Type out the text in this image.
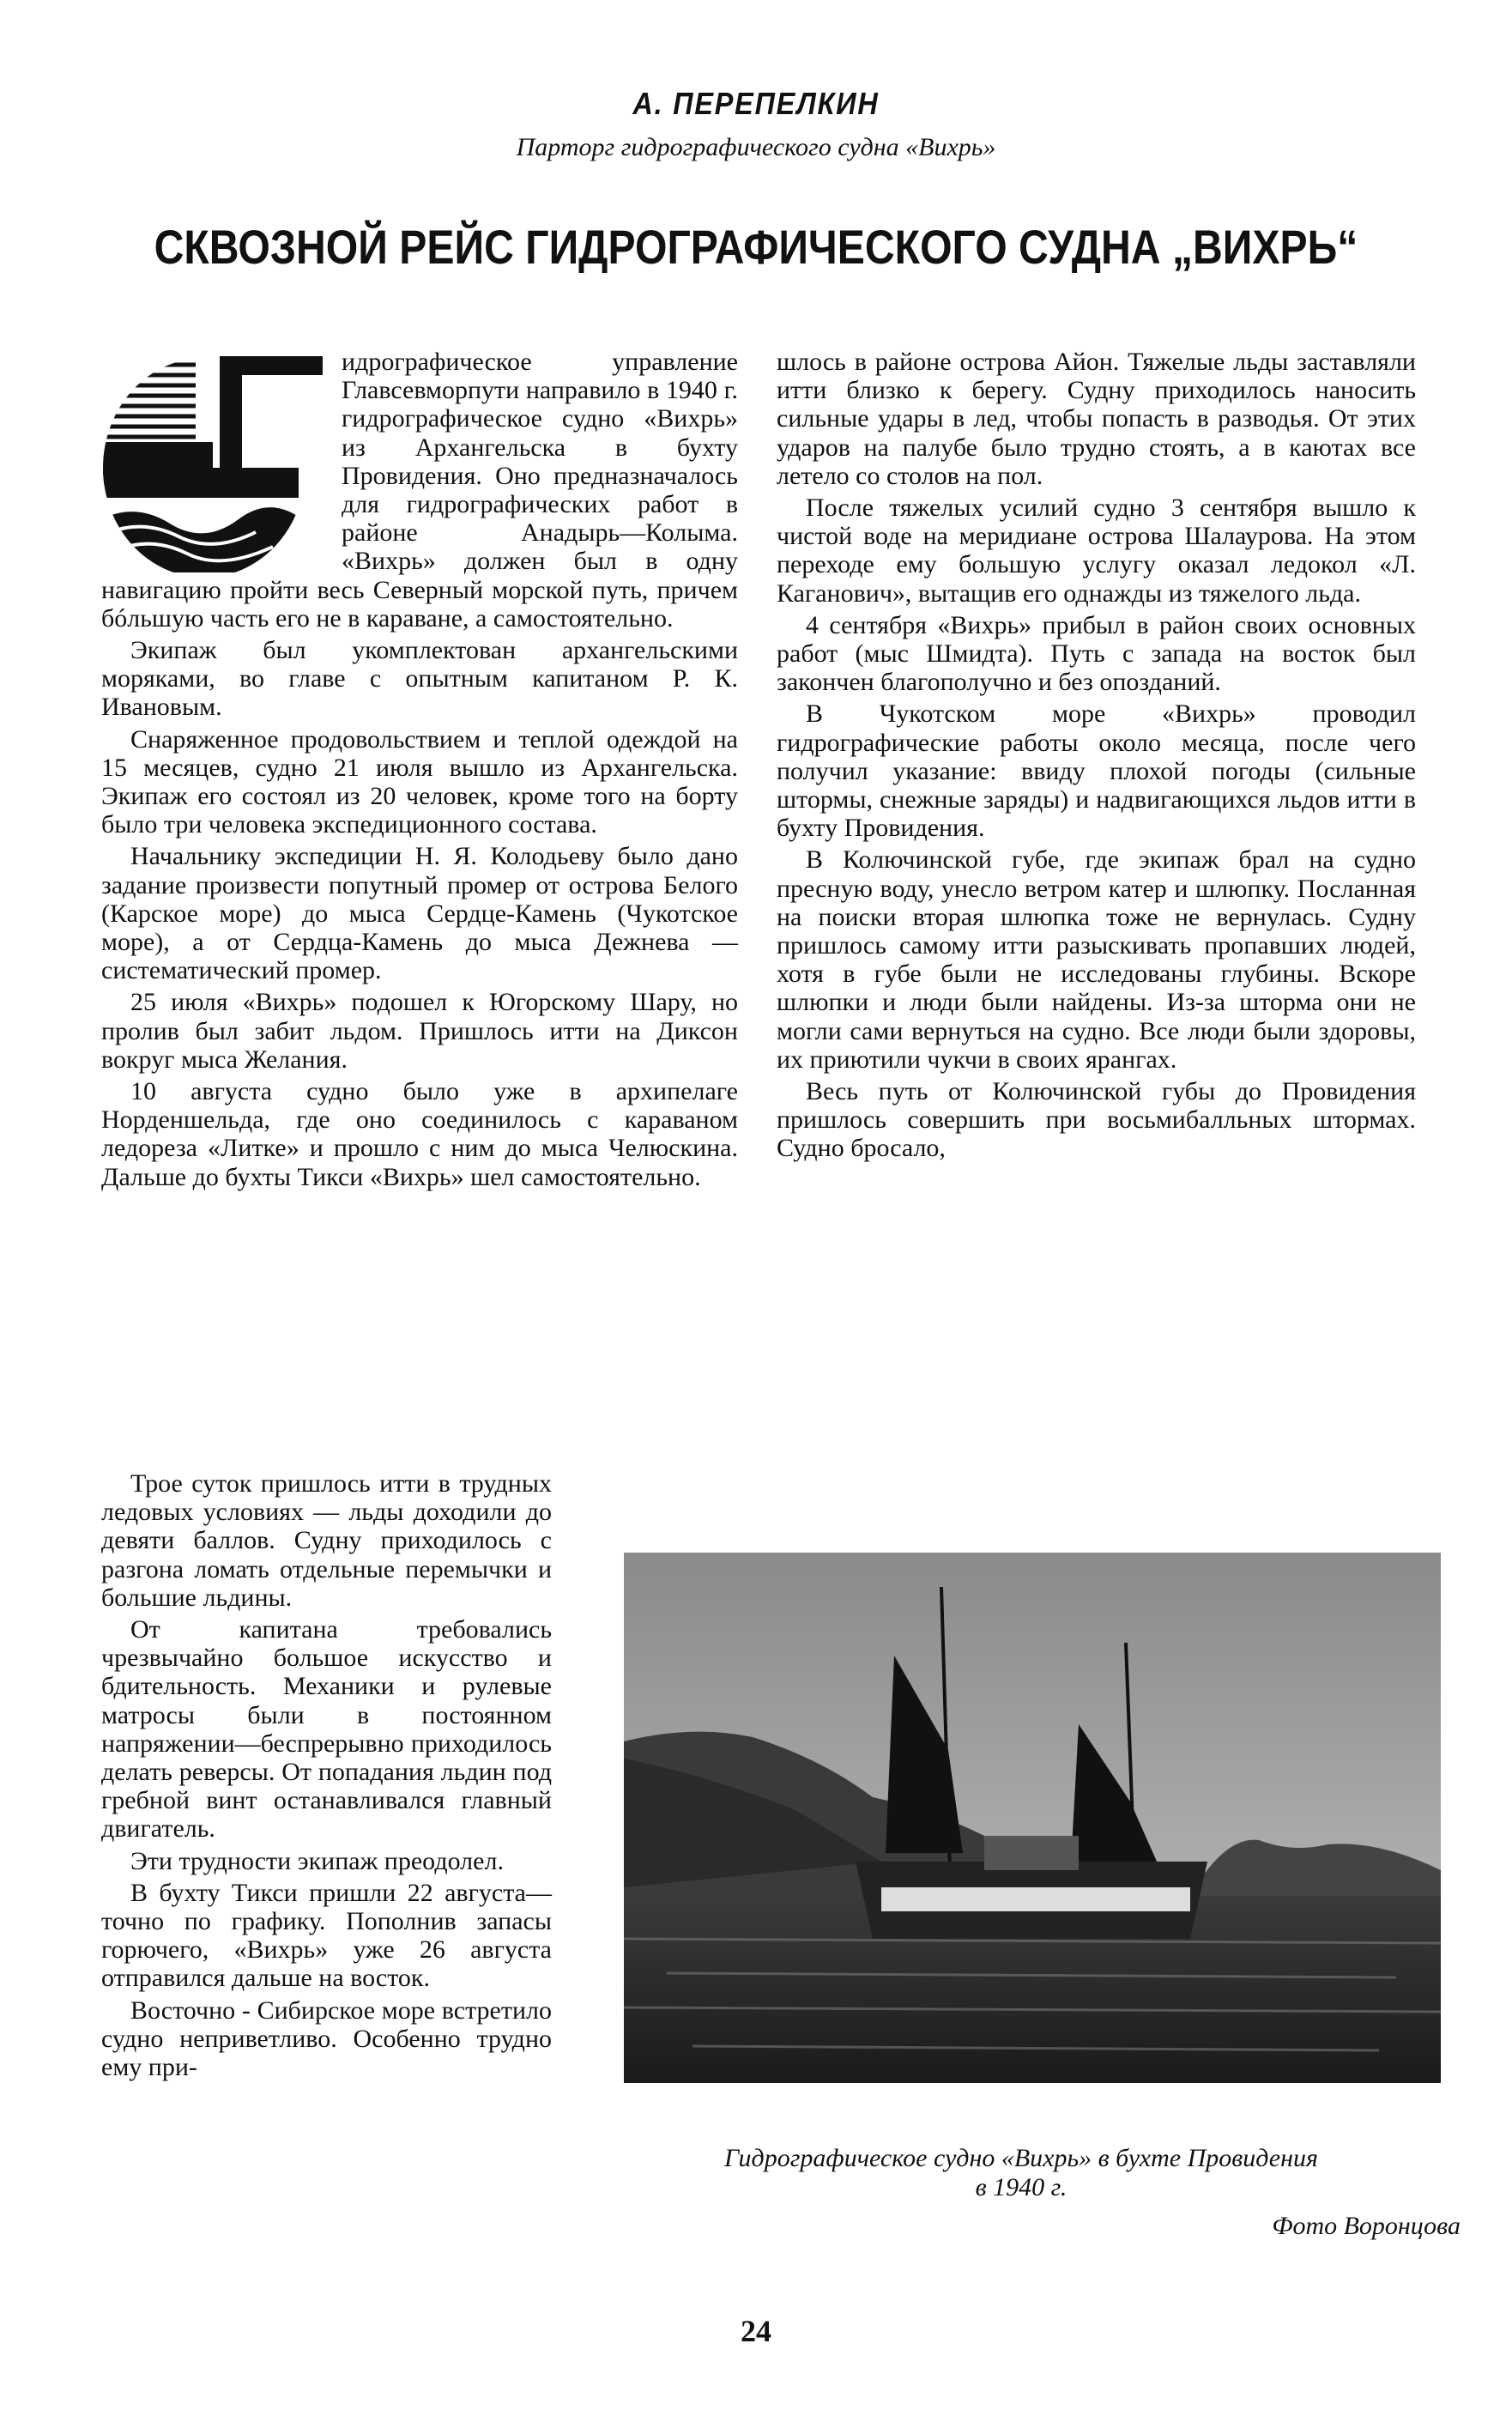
А. ПЕРЕПЕЛКИН
Парторг гидрографического судна «Вихрь»
СКВОЗНОЙ РЕЙС ГИДРОГРАФИЧЕСКОГО СУДНА „ВИХРЬ“

идрографическое управление Главсевморпути направило в 1940 г. гидрографическое судно «Вихрь» из Архангельска в бухту Провидения. Оно предназначалось для гидрографических работ в районе Анадырь—Колыма. «Вихрь» должен был в одну навигацию пройти весь Северный морской путь, причем бóльшую часть его не в караване, а самостоятельно.

Экипаж был укомплектован архангельскими моряками, во главе с опытным капитаном Р. К. Ивановым.

Снаряженное продовольствием и теплой одеждой на 15 месяцев, судно 21 июля вышло из Архангельска. Экипаж его состоял из 20 человек, кроме того на борту было три человека экспедиционного состава.

Начальнику экспедиции Н. Я. Колодьеву было дано задание произвести попутный промер от острова Белого (Карское море) до мыса Сердце-Камень (Чукотское море), а от Сердца-Камень до мыса Дежнева — систематический промер.

25 июля «Вихрь» подошел к Югорскому Шару, но пролив был забит льдом. Пришлось итти на Диксон вокруг мыса Желания.

10 августа судно было уже в архипелаге Норденшельда, где оно соединилось с караваном ледореза «Литке» и прошло с ним до мыса Челюскина. Дальше до бухты Тикси «Вихрь» шел самостоятельно.

Трое суток пришлось итти в трудных ледовых условиях — льды доходили до девяти баллов. Судну приходилось с разгона ломать отдельные перемычки и большие льдины.

От капитана требовались чрезвычайно большое искусство и бдительность. Механики и рулевые матросы были в постоянном напряжении—беспрерывно приходилось делать реверсы. От попадания льдин под гребной винт останавливался главный двигатель.

Эти трудности экипаж преодолел.

В бухту Тикси пришли 22 августа—точно по графику. Пополнив запасы горючего, «Вихрь» уже 26 августа отправился дальше на восток.

Восточно - Сибирское море встретило судно неприветливо. Особенно трудно ему при-

шлось в районе острова Айон. Тяжелые льды заставляли итти близко к берегу. Судну приходилось наносить сильные удары в лед, чтобы попасть в разводья. От этих ударов на палубе было трудно стоять, а в каютах все летело со столов на пол.

После тяжелых усилий судно 3 сентября вышло к чистой воде на меридиане острова Шалаурова. На этом переходе ему большую услугу оказал ледокол «Л. Каганович», вытащив его однажды из тяжелого льда.

4 сентября «Вихрь» прибыл в район своих основных работ (мыс Шмидта). Путь с запада на восток был закончен благополучно и без опозданий.

В Чукотском море «Вихрь» проводил гидрографические работы около месяца, после чего получил указание: ввиду плохой погоды (сильные штормы, снежные заряды) и надвигающихся льдов итти в бухту Провидения.

В Колючинской губе, где экипаж брал на судно пресную воду, унесло ветром катер и шлюпку. Посланная на поиски вторая шлюпка тоже не вернулась. Судну пришлось самому итти разыскивать пропавших людей, хотя в губе были не исследованы глубины. Вскоре шлюпки и люди были найдены. Из-за шторма они не могли сами вернуться на судно. Все люди были здоровы, их приютили чукчи в своих ярангах.

Весь путь от Колючинской губы до Провидения пришлось совершить при восьмибалльных штормах. Судно бросало,

Гидрографическое судно «Вихрь» в бухте Провидения
в 1940 г.
Фото Воронцова
24
